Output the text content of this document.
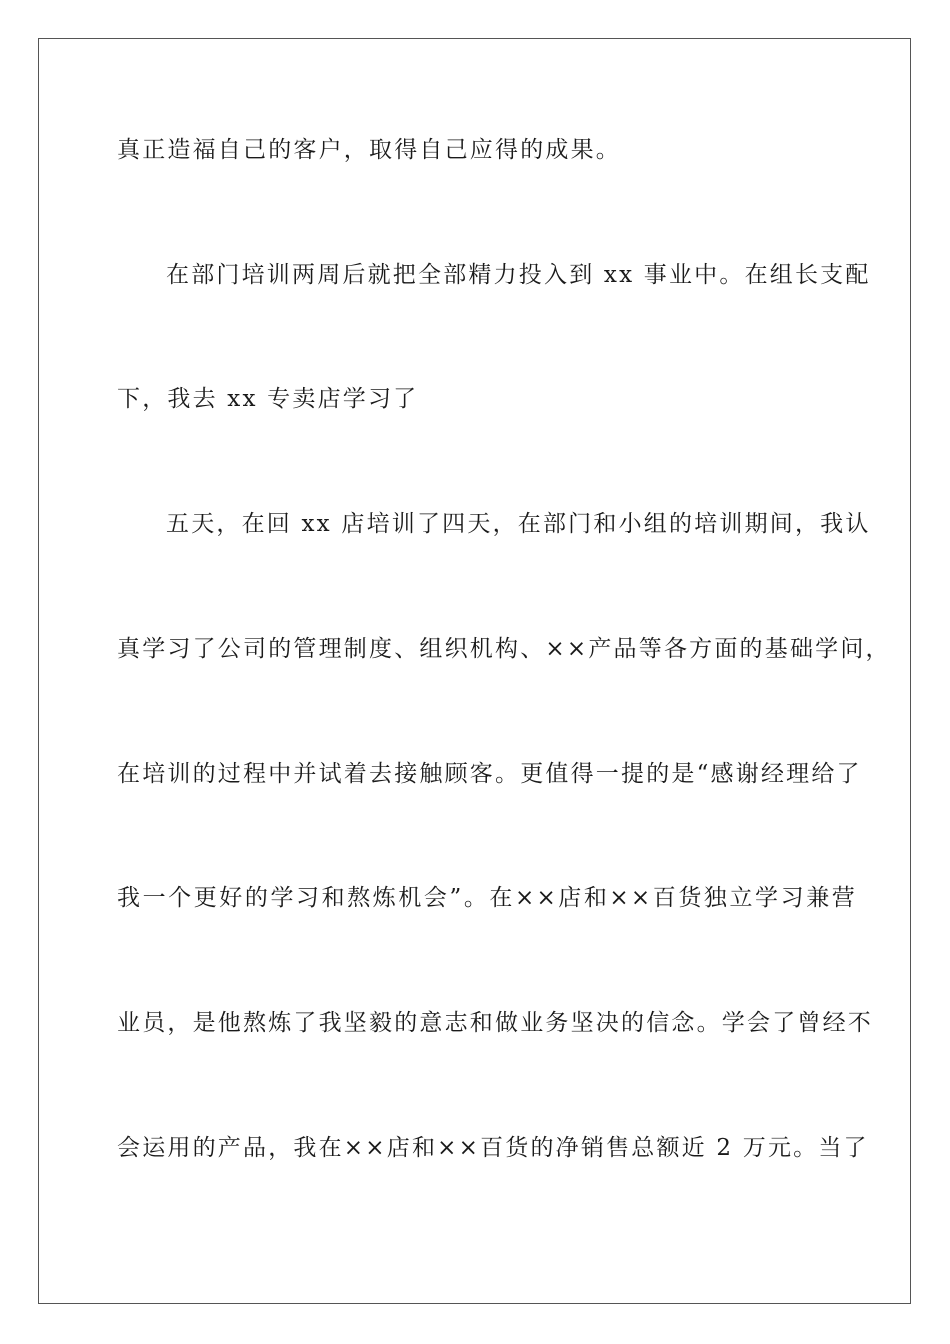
真正造福自己的客户，取得自己应得的成果。
在部门培训两周后就把全部精力投入到 xx 事业中。在组长支配
下，我去 xx 专卖店学习了
五天，在回 xx 店培训了四天，在部门和小组的培训期间，我认
真学习了公司的管理制度、组织机构、××产品等各方面的基础学问，
在培训的过程中并试着去接触顾客。更值得一提的是“感谢经理给了
我一个更好的学习和熬炼机会”。在××店和××百货独立学习兼营
业员，是他熬炼了我坚毅的意志和做业务坚决的信念。学会了曾经不
会运用的产品，我在××店和××百货的净销售总额近 2 万元。当了
